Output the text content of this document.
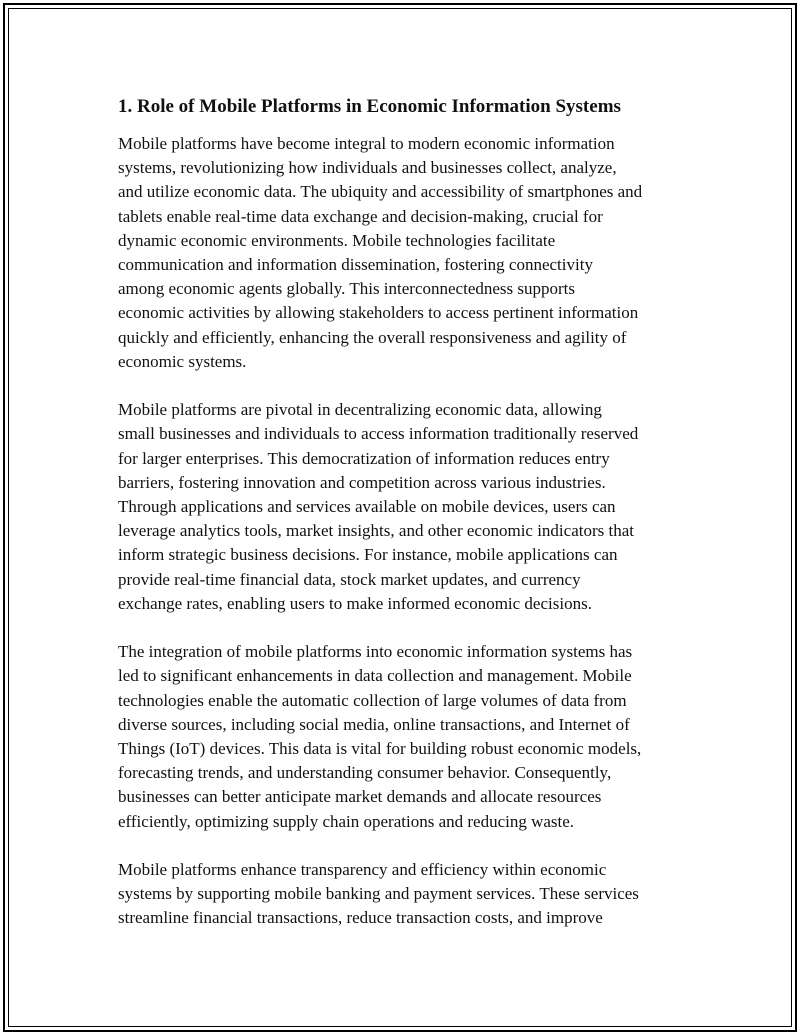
1. Role of Mobile Platforms in Economic Information Systems

Mobile platforms have become integral to modern economic information
systems, revolutionizing how individuals and businesses collect, analyze,
and utilize economic data. The ubiquity and accessibility of smartphones and
tablets enable real-time data exchange and decision-making, crucial for
dynamic economic environments. Mobile technologies facilitate
communication and information dissemination, fostering connectivity
among economic agents globally. This interconnectedness supports
economic activities by allowing stakeholders to access pertinent information
quickly and efficiently, enhancing the overall responsiveness and agility of
economic systems.

Mobile platforms are pivotal in decentralizing economic data, allowing
small businesses and individuals to access information traditionally reserved
for larger enterprises. This democratization of information reduces entry
barriers, fostering innovation and competition across various industries.
Through applications and services available on mobile devices, users can
leverage analytics tools, market insights, and other economic indicators that
inform strategic business decisions. For instance, mobile applications can
provide real-time financial data, stock market updates, and currency
exchange rates, enabling users to make informed economic decisions.

The integration of mobile platforms into economic information systems has
led to significant enhancements in data collection and management. Mobile
technologies enable the automatic collection of large volumes of data from
diverse sources, including social media, online transactions, and Internet of
Things (IoT) devices. This data is vital for building robust economic models,
forecasting trends, and understanding consumer behavior. Consequently,
businesses can better anticipate market demands and allocate resources
efficiently, optimizing supply chain operations and reducing waste.

Mobile platforms enhance transparency and efficiency within economic
systems by supporting mobile banking and payment services. These services
streamline financial transactions, reduce transaction costs, and improve
